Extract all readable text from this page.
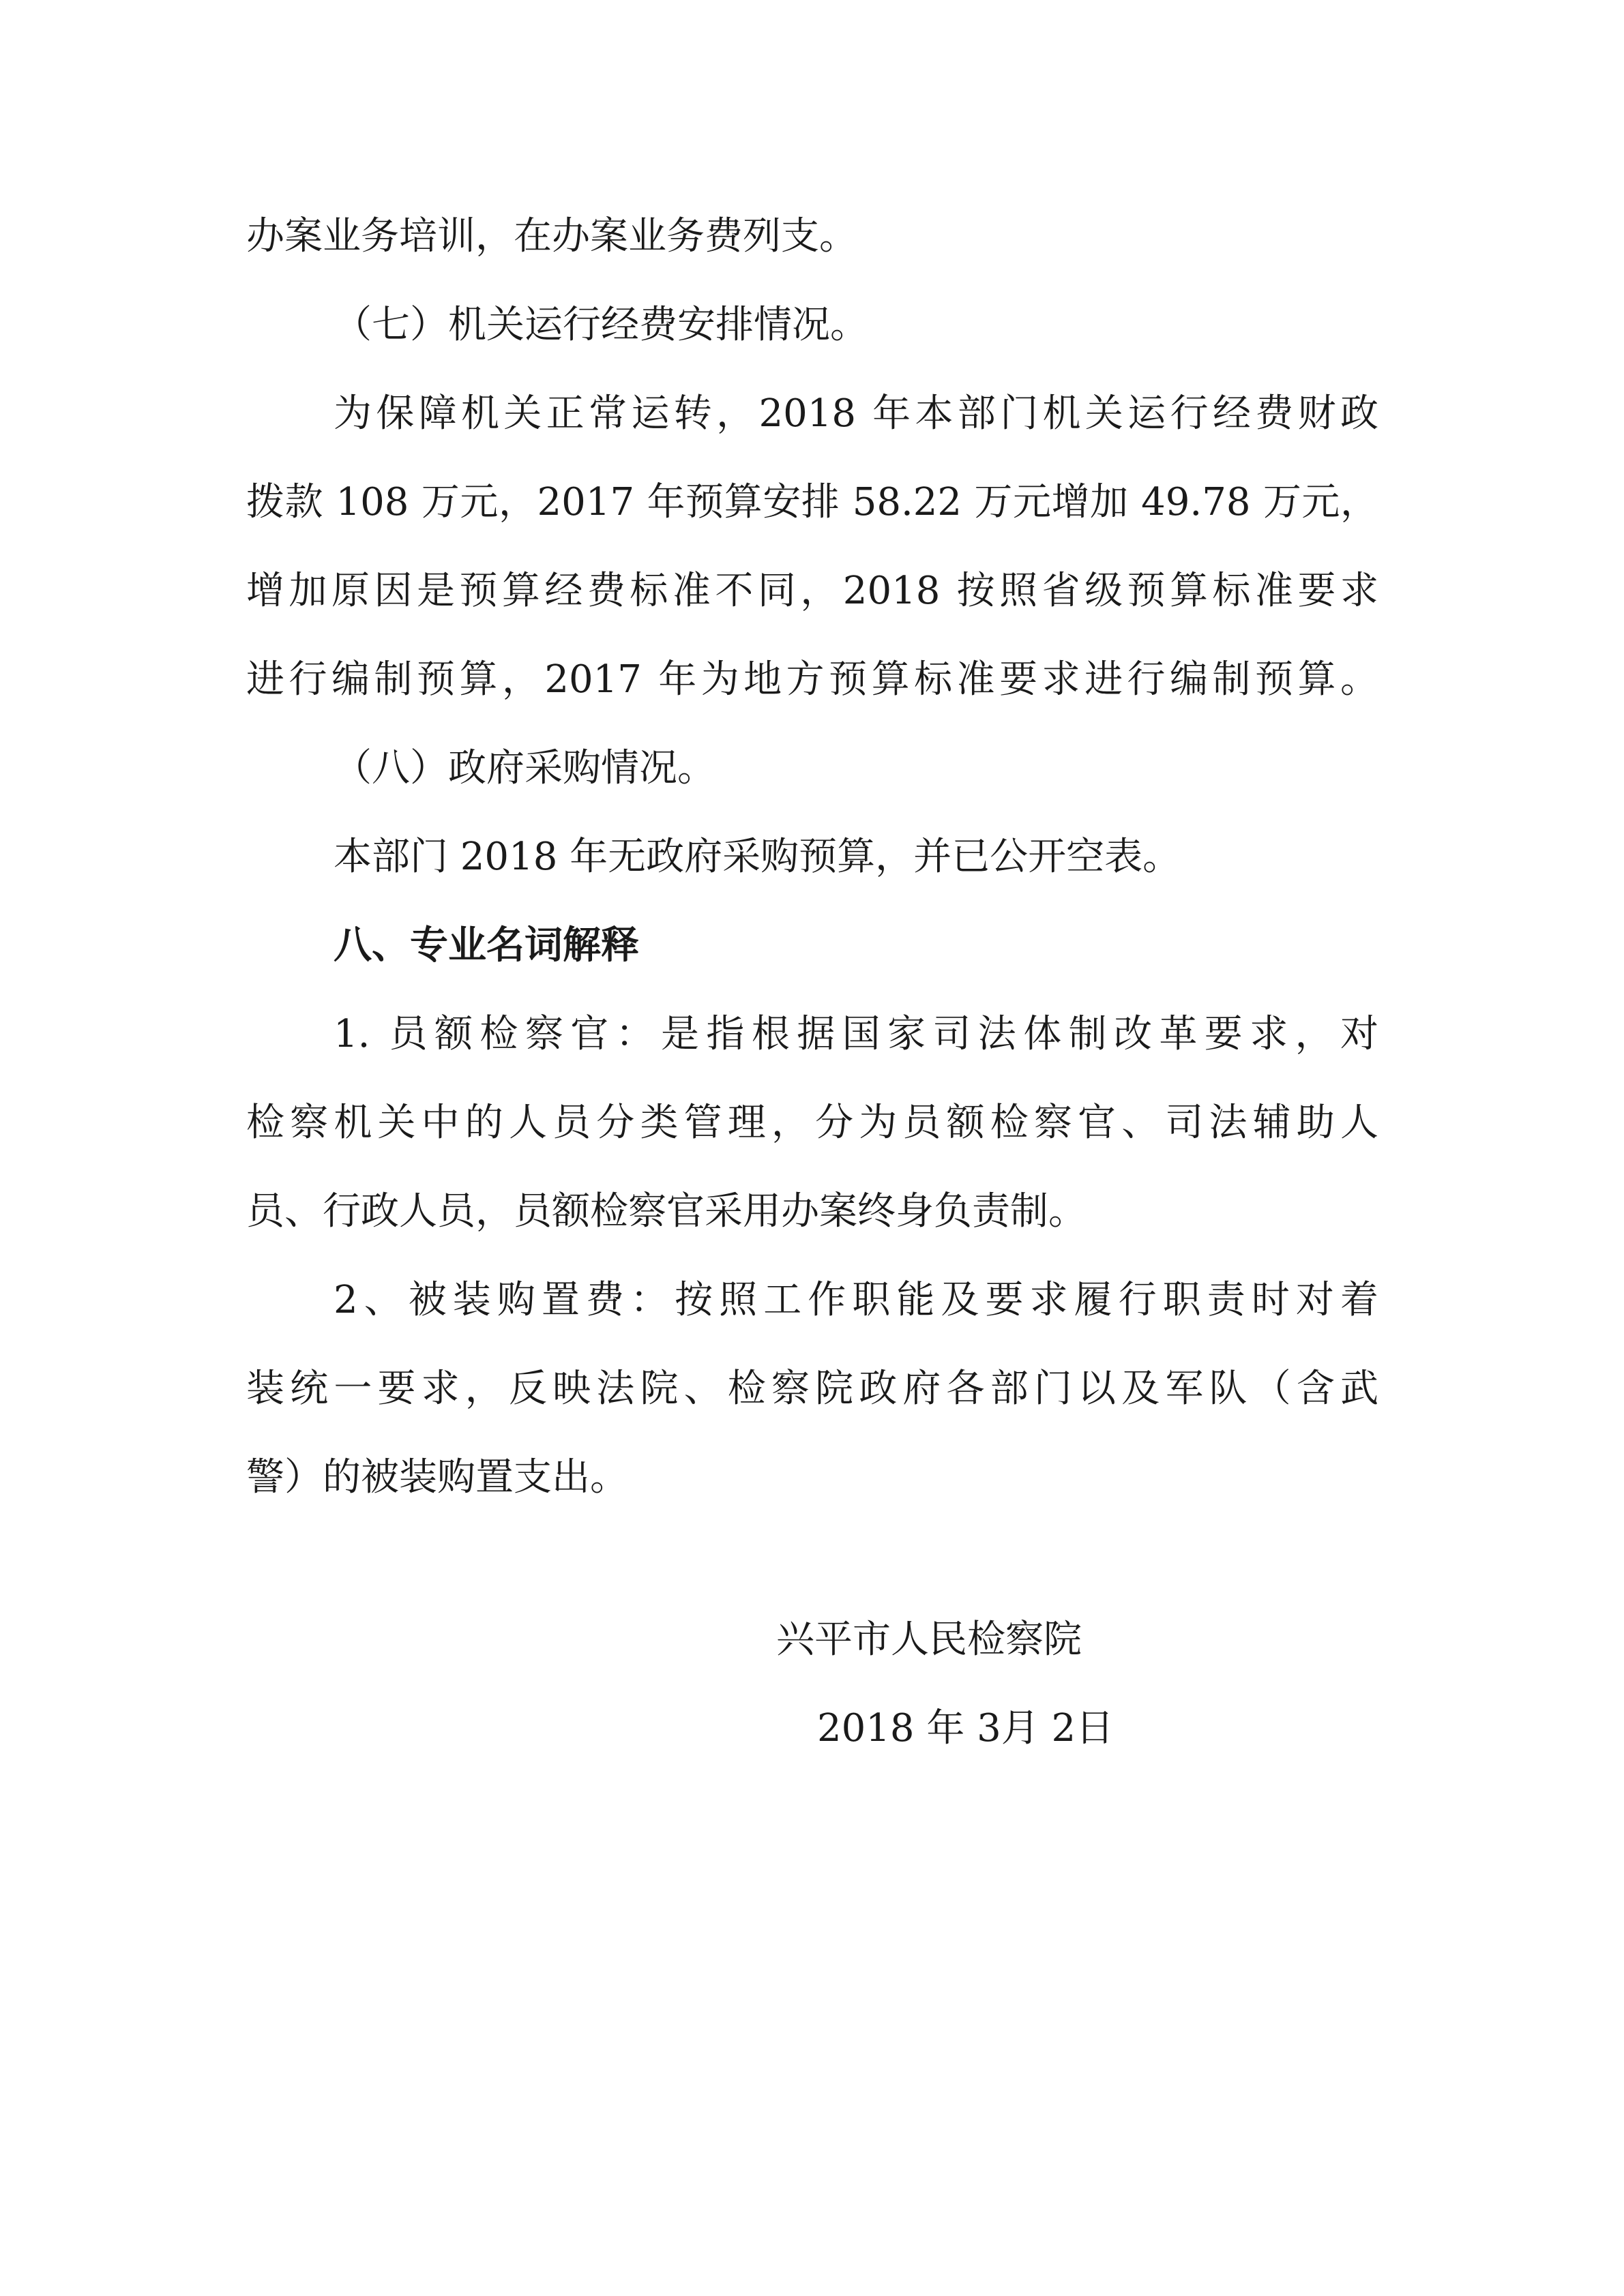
办案业务培训，在办案业务费列支。

（七）机关运行经费安排情况。

为保障机关正常运转，2018 年本部门机关运行经费财政

拨款 108 万元，2017 年预算安排 58.22 万元增加 49.78 万元，

增加原因是预算经费标准不同，2018 按照省级预算标准要求

进行编制预算，2017 年为地方预算标准要求进行编制预算。

（八）政府采购情况。

本部门 2018 年无政府采购预算，并已公开空表。

八、专业名词解释

1. 员额检察官：是指根据国家司法体制改革要求，对

检察机关中的人员分类管理，分为员额检察官、司法辅助人

员、行政人员，员额检察官采用办案终身负责制。

2、被装购置费：按照工作职能及要求履行职责时对着

装统一要求，反映法院、检察院政府各部门以及军队（含武

警）的被装购置支出。

兴平市人民检察院

2018 年 3月 2日
